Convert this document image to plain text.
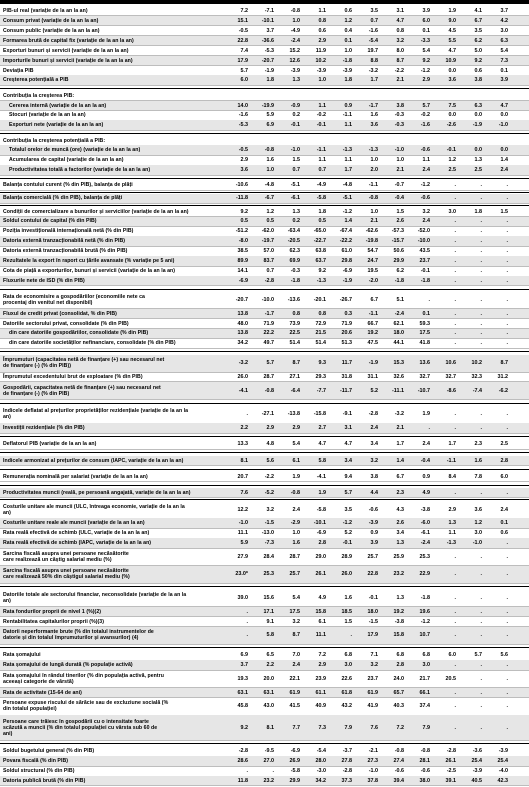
PIB-ul real (variație de la an la an)	7.2	-7.1	-0.8	1.1	0.6	3.5	3.1	3.9	1.9	4.1	3.7
Consum privat (variație de la an la an)	15.1	-10.1	1.0	0.8	1.2	0.7	4.7	6.0	9.0	6.7	4.2
Consum public (variație de la an la an)	-0.5	3.7	-4.9	0.6	0.4	-1.6	0.8	0.1	4.5	3.5	3.0
Formarea brută de capital fix (variație de la an la an)	22.8	-36.6	-2.4	2.9	0.1	-5.4	3.2	-3.3	5.5	6.2	6.3
Exporturi bunuri și servicii (variație de la an la an)	7.4	-5.3	15.2	11.9	1.0	19.7	8.0	5.4	4.7	5.0	5.4
Importurile bunuri și servicii (variație de la an la an)	17.9	-20.7	12.6	10.2	-1.8	8.8	8.7	9.2	10.9	9.2	7.3
Deviația PIB	5.7	-1.9	-3.9	-3.9	-3.9	-3.2	-2.2	-1.2	0.0	0.6	0.1
Creșterea potențială a PIB	6.0	1.8	1.3	1.0	1.8	1.7	2.1	2.9	3.6	3.8	3.9
Contribuția la creșterea PIB:
Cererea internă (variație de la an la an)	14.0	-19.9	-0.9	1.1	0.9	-1.7	3.8	5.7	7.5	6.3	4.7
Stocuri (variație de la an la an)	-1.6	5.9	0.2	-0.2	-1.1	1.6	-0.3	-0.2	0.0	0.0	0.0
Exporturi nete (variație de la an la an)	-5.3	6.9	-0.1	-0.1	1.1	3.6	-0.3	-1.6	-2.6	-1.9	-1.0
Contribuția la creșterea potențială a PIB:
Totalul orelor de muncă (ore) (variație de la an la an)	-0.5	-0.8	-1.0	-1.1	-1.3	-1.3	-1.0	-0.6	-0.1	0.0	0.0
Acumularea de capital (variație de la an la an)	2.9	1.6	1.5	1.1	1.1	1.0	1.0	1.1	1.2	1.3	1.4
Productivitatea totală a factorilor (variație de la an la an)	3.6	1.0	0.7	0.7	1.7	2.0	2.1	2.4	2.5	2.5	2.4
Balanța contului curent (% din PIB), balanța de plăți	-10.6	-4.8	-5.1	-4.9	-4.8	-1.1	-0.7	-1.2	.	.	.
Balanța comercială (% din PIB), balanța de plăți	-11.8	-6.7	-6.1	-5.8	-5.1	-0.8	-0.4	-0.6	.	.	.
Condiții de comercializare a bunurilor și serviciilor (variație de la an la an)	9.2	1.2	1.3	1.8	-1.2	1.0	1.5	3.2	3.0	1.8	1.5
Soldul contului de capital (% din PIB)	0.5	0.5	0.2	0.5	1.4	2.1	2.6	2.4	.	.	.
Poziția investițională internațională netă (% din PIB)	-51.2	-62.0	-63.4	-65.0	-67.4	-62.6	-57.3	-52.0	.	.	.
Datoria externă tranzacționabilă netă (% din PIB)	-8.0	-19.7	-20.5	-22.7	-22.2	-19.8	-15.7	-10.0	.	.	.
Datoria externă tranzacționabilă brută (% din PIB)	38.5	57.0	62.3	63.8	61.0	54.7	50.6	43.5	.	.	.
Rezultatele la export în raport cu țările avansate (% variație pe 5 ani)	89.9	83.7	69.9	63.7	29.8	24.7	29.9	23.7	.	.	.
Cota de piață a exporturilor, bunuri și servicii (variație de la an la an)	14.1	0.7	-0.3	9.2	-6.9	19.5	6.2	-0.1	.	.	.
Fluxurile nete de ISD (% din PIB)	-6.9	-2.8	-1.8	-1.3	-1.9	-2.0	-1.8	-1.8	.	.	.
Rata de economisire a gospodăriilor (economiile nete ca
procentaj din venitul net disponibil)	-20.7	-10.0	-13.6	-20.1	-26.7	6.7	5.1	.	.	.	.
Fluxul de credit privat (consolidat, % din PIB)	13.8	-1.7	0.8	0.8	0.3	-1.1	-2.4	0.1	.	.	.
Datoriile sectorului privat, consolidate (% din PIB)	48.0	71.9	73.9	72.9	71.9	66.7	62.1	59.3	.	.	.
din care datoriile gospodăriilor, consolidate (% din PIB)	13.8	22.2	22.5	21.5	20.6	19.2	18.0	17.5	.	.	.
din care datoriile societăților nefinanciare, consolidate (% din PIB)	34.2	49.7	51.4	51.4	51.3	47.5	44.1	41.8	.	.	.
Împrumuturi (capacitatea netă de finanțare (+) sau necesarul net
de finanțare (-) (% din PIB))	-3.2	5.7	8.7	9.3	11.7	-1.9	15.3	13.6	10.6	10.2	8.7
Împrumutul excedentului brut de exploatare (% din PIB)	26.0	28.7	27.1	29.3	31.8	31.1	32.6	32.7	32.7	32.3	31.2
Gospodării, capacitatea netă de finanțare (+) sau necesarul net
de finanțare (-) (% din PIB)	-4.1	-0.8	-6.4	-7.7	-11.7	5.2	-11.1	-10.7	-8.6	-7.4	-6.2
Indicele deflatat al prețurilor proprietăților rezidențiale (variație de la an la
an)	.	-27.1	-13.8	-15.8	-9.1	-2.8	-3.2	1.9	.	.	.
Investiții rezidențiale (% din PIB)	2.2	2.9	2.9	2.7	3.1	2.4	2.1	.	.	.	.
Deflatorul PIB (variație de la an la an)	13.3	4.8	5.4	4.7	4.7	3.4	1.7	2.4	1.7	2.3	2.5
Indicele armonizat al prețurilor de consum (IAPC, variație de la an la an)	8.1	5.6	6.1	5.8	3.4	3.2	1.4	-0.4	-1.1	1.6	2.8
Remunerația nominală per salariat (variație de la an la an)	20.7	-2.2	1.9	-4.1	9.4	3.8	6.7	0.9	8.4	7.8	6.0
Productivitatea muncii (reală, pe persoană angajată, variație de la an la an)	7.6	-5.2	-0.8	1.9	5.7	4.4	2.3	4.9	.	.	.
Costurile unitare ale muncii (ULC, întreaga economie, variație de la an la
an)	12.2	3.2	2.4	-5.8	3.5	-0.6	4.3	-3.8	2.9	3.6	2.4
Costurile unitare reale ale muncii (variație de la an la an)	-1.0	-1.5	-2.9	-10.1	-1.2	-3.9	2.6	-6.0	1.3	1.2	0.1
Rata reală efectivă de schimb (ULC, variație de la an la an)	11.1	-13.0	1.0	-6.9	5.2	0.9	3.4	-6.1	1.1	3.0	0.6
Rata reală efectivă de schimb (IAPC, variație de la an la an)	5.9	-7.3	1.6	2.8	-0.1	3.9	1.3	-2.4	-1.3	-1.0	.
Sarcina fiscală asupra unei persoane necăsătorite
care realizează un câștig salarial mediu (%)	27.9	28.4	28.7	29.0	28.9	25.7	25.9	25.3	.	.	.
Sarcina fiscală asupra unei persoane necăsătorite
care realizează 50% din câștigul salarial mediu (%)	23.0*	25.3	25.7	26.1	26.0	22.8	23.2	22.9	.	.	.
Datoriile totale ale sectorului financiar, neconsolidate (variație de la an la
an)	39.0	15.6	5.4	4.9	1.6	-0.1	1.3	-1.8	.	.	.
Rata fondurilor proprii de nivel 1 (%)(2)	.	17.1	17.5	15.8	18.5	18.0	19.2	19.6	.	.	.
Rentabilitatea capitalurilor proprii (%)(3)	.	9.1	3.2	6.1	1.5	-1.5	-3.8	-1.2	.	.	.
Datorii neperformante brute (% din totalul instrumentelor de
datorie și din totalul împrumuturilor și avansurilor) (4)	.	5.8	8.7	11.1	.	17.9	15.8	10.7	.	.	.
Rata șomajului	6.9	6.5	7.0	7.2	6.8	7.1	6.8	6.8	6.0	5.7	5.6
Rata șomajului de lungă durată (% populație activă)	3.7	2.2	2.4	2.9	3.0	3.2	2.8	3.0	.	.	.
Rata șomajului în rândul tinerilor (% din populația activă, pentru
aceeași categorie de vârstă)	19.3	20.0	22.1	23.9	22.6	23.7	24.0	21.7	20.5	.	.
Rata de activitate (15-64 de ani)	63.1	63.1	61.9	61.1	61.8	61.9	65.7	66.1	.	.	.
Persoane expuse riscului de sărăcie sau de excluziune socială (%
din totalul populației)	45.8	43.0	41.5	40.9	43.2	41.9	40.3	37.4	.	.	.
Persoane care trăiesc în gospodării cu o intensitate foarte
scăzută a muncii (% din totalul populației cu vârsta sub 60 de
ani)
9.2	8.1	7.7	7.3	7.9	7.6	7.2	7.9	.	.	.
Soldul bugetului general (% din PIB)	-2.8	-9.5	-6.9	-5.4	-3.7	-2.1	-0.8	-0.8	-2.8	-3.6	-3.9
Povara fiscală (% din PIB)	28.6	27.0	26.9	28.0	27.8	27.3	27.4	28.1	26.1	25.4	25.4
Soldul structural (% din PIB)	.	.	-5.8	-3.0	-2.8	-1.0	-0.6	-0.6	-2.5	-3.9	-4.0
Datoria publică brută (% din PIB)	11.8	23.2	29.9	34.2	37.3	37.8	39.4	38.0	39.1	40.5	42.3
